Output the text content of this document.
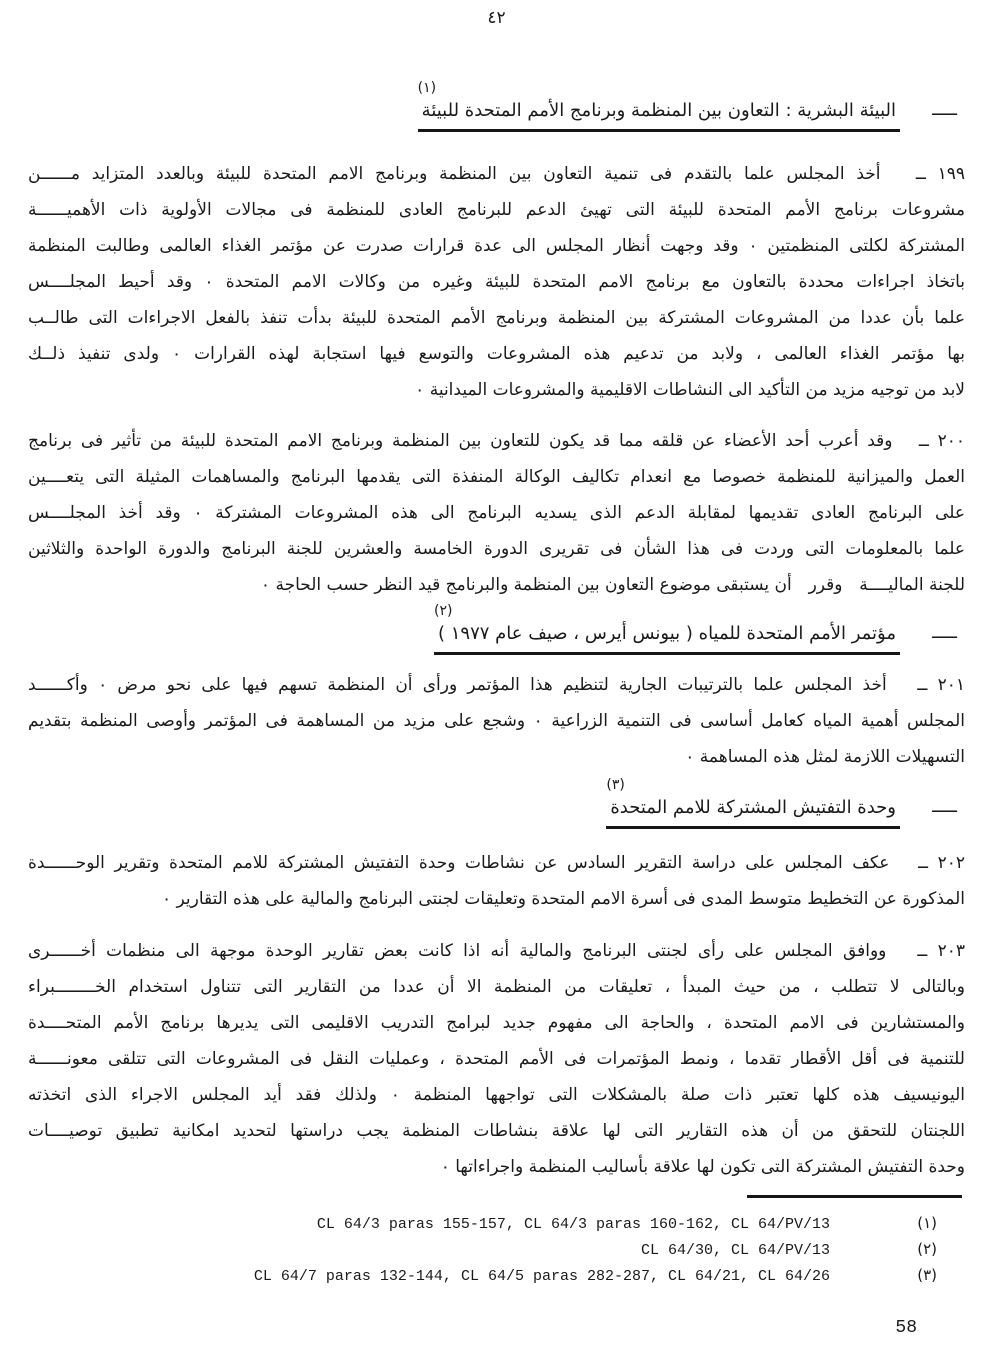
٤٢
ـــــ
(١)
البيئة البشرية : التعاون بين المنظمة وبرنامج الأمم المتحدة للبيئة
١٩٩ ــ   أخذ المجلس علما بالتقدم فى تنمية التعاون بين المنظمة وبرنامج الامم المتحدة للبيئة وبالعدد المتزايد مــــــن
مشروعات برنامج الأمم المتحدة للبيئة التى تهيئ الدعم للبرنامج العادى للمنظمة فى مجالات الأولوية ذات الأهميــــــة
المشتركة لكلتى المنظمتين ٠ وقد وجهت أنظار المجلس الى عدة قرارات صدرت عن مؤتمر الغذاء العالمى وطالبت المنظمة
باتخاذ اجراءات محددة بالتعاون مع برنامج الامم المتحدة للبيئة وغيره من وكالات الامم المتحدة ٠ وقد أحيط المجلــــس
علما بأن عددا من المشروعات المشتركة بين المنظمة وبرنامج الأمم المتحدة للبيئة بدأت تنفذ بالفعل الاجراءات التى طالــب
بها مؤتمر الغذاء العالمى ، ولابد من تدعيم هذه المشروعات والتوسع فيها استجابة لهذه القرارات ٠ ولدى تنفيذ ذلــك
لابد من توجيه مزيد من التأكيد الى النشاطات الاقليمية والمشروعات الميدانية ٠
٢٠٠ ــ   وقد أعرب أحد الأعضاء عن قلقه مما قد يكون للتعاون بين المنظمة وبرنامج الامم المتحدة للبيئة من تأثير فى برنامج
العمل والميزانية للمنظمة خصوصا مع انعدام تكاليف الوكالة المنفذة التى يقدمها البرنامج والمساهمات المثيلة التى يتعــــين
على البرنامج العادى تقديمها لمقابلة الدعم الذى يسديه البرنامج الى هذه المشروعات المشتركة ٠ وقد أخذ المجلــــس
علما بالمعلومات التى وردت فى هذا الشأن فى تقريرى الدورة الخامسة والعشرين للجنة البرنامج والدورة الواحدة والثلاثين
للجنة الماليــــة  وقرر  أن يستبقى موضوع التعاون بين المنظمة والبرنامج قيد النظر حسب الحاجة ٠
ـــــ
(٢)
مؤتمر الأمم المتحدة للمياه ( بيونس أيرس ، صيف عام ١٩٧٧ )
٢٠١ ــ   أخذ المجلس علما بالترتيبات الجارية لتنظيم هذا المؤتمر ورأى أن المنظمة تسهم فيها على نحو مرض ٠ وأكــــــد
المجلس أهمية المياه كعامل أساسى فى التنمية الزراعية ٠ وشجع على مزيد من المساهمة فى المؤتمر وأوصى المنظمة بتقديم
التسهيلات اللازمة لمثل هذه المساهمة ٠
ـــــ
(٣)
وحدة التفتيش المشتركة للامم المتحدة
٢٠٢ ــ   عكف المجلس على دراسة التقرير السادس عن نشاطات وحدة التفتيش المشتركة للامم المتحدة وتقرير الوحــــــدة
المذكورة عن التخطيط متوسط المدى فى أسرة الامم المتحدة وتعليقات لجنتى البرنامج والمالية على هذه التقارير ٠
٢٠٣ ــ   ووافق المجلس على رأى لجنتى البرنامج والمالية أنه اذا كانت بعض تقارير الوحدة موجهة الى منظمات أخــــــرى
وبالتالى لا تتطلب ، من حيث المبدأ ، تعليقات من المنظمة الا أن عددا من التقارير التى تتناول استخدام الخــــــــبراء
والمستشارين فى الامم المتحدة ، والحاجة الى مفهوم جديد لبرامج التدريب الاقليمى التى يديرها برنامج الأمم المتحــــدة
للتنمية فى أقل الأقطار تقدما ، ونمط المؤتمرات فى الأمم المتحدة ، وعمليات النقل فى المشروعات التى تتلقى معونــــــة
اليونيسيف هذه كلها تعتبر ذات صلة بالمشكلات التى تواجهها المنظمة ٠ ولذلك فقد أيد المجلس الاجراء الذى اتخذته
اللجنتان للتحقق من أن هذه التقارير التى لها علاقة بنشاطات المنظمة يجب دراستها لتحديد امكانية تطبيق توصيــــات
وحدة التفتيش المشتركة التى تكون لها علاقة بأساليب المنظمة واجراءاتها ٠
CL 64/3 paras 155-157, CL 64/3 paras 160-162, CL 64/PV/13	(١)
CL 64/30, CL 64/PV/13	(٢)
CL 64/7 paras 132-144, CL 64/5 paras 282-287, CL 64/21, CL 64/26	(٣)
58
